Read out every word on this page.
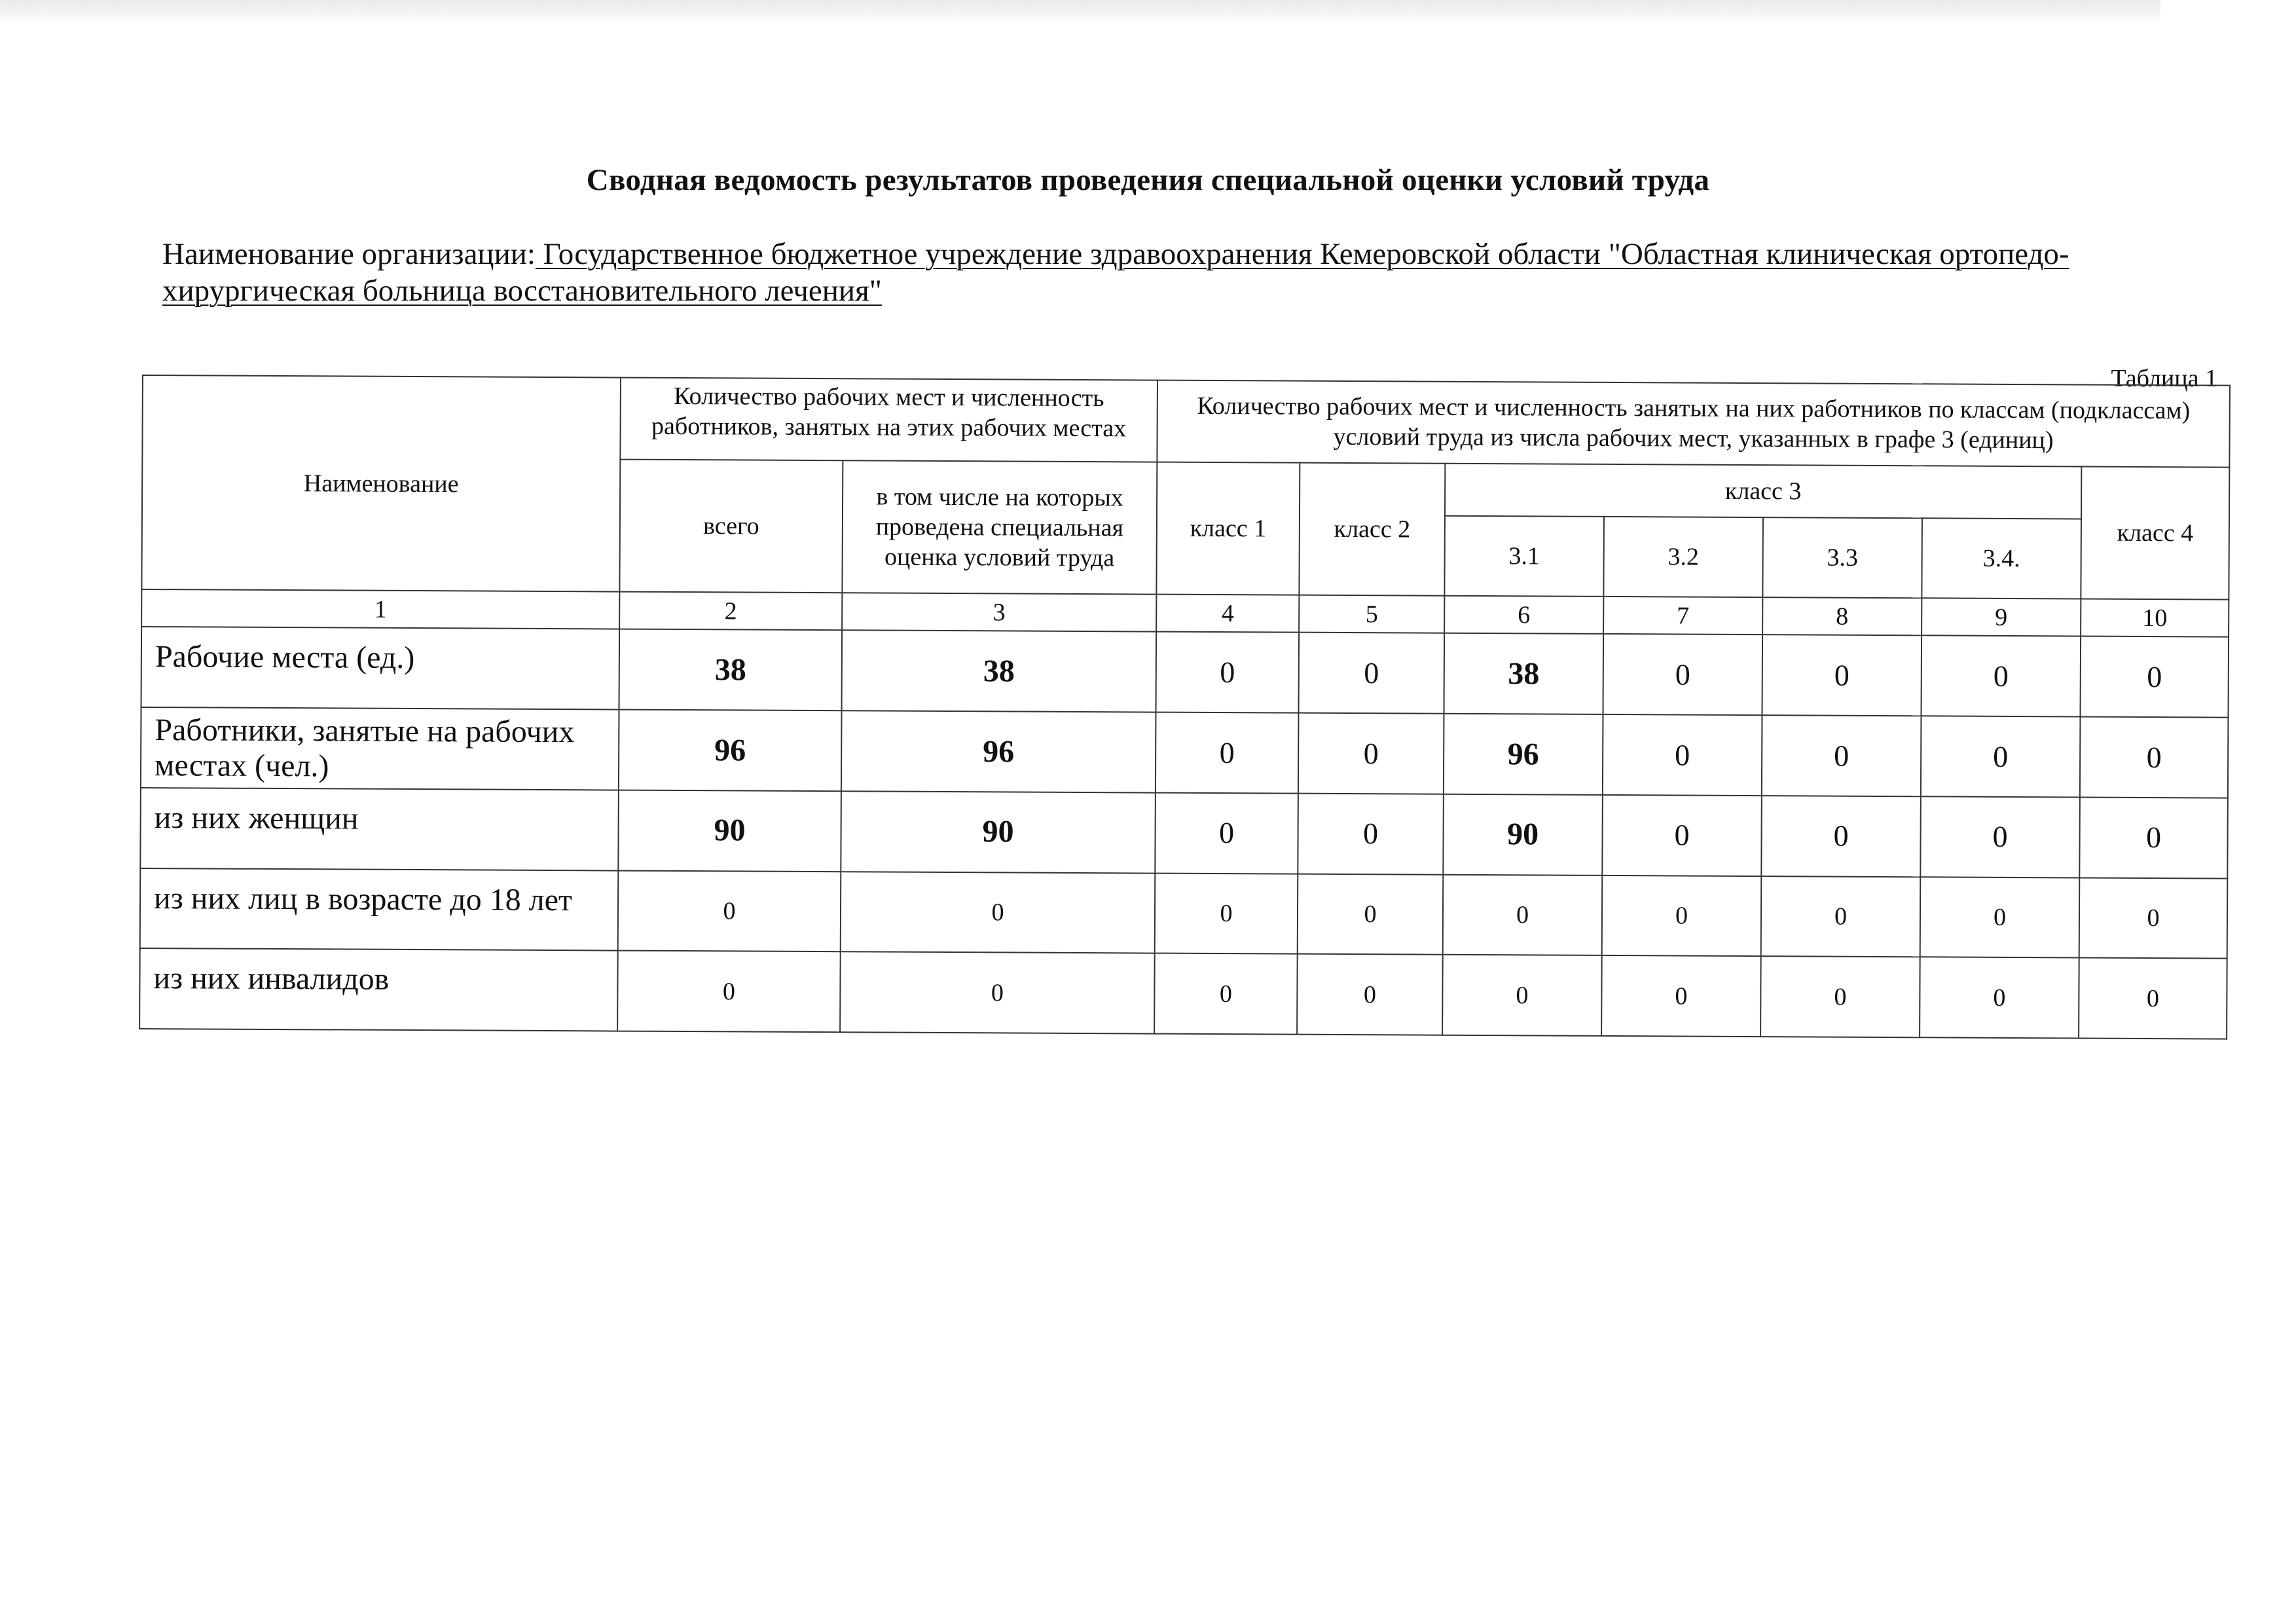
Сводная ведомость результатов проведения специальной оценки условий труда
Наименование организации: Государственное бюджетное учреждение здравоохранения Кемеровской области "Областная клиническая ортопедо-хирургическая больница восстановительного лечения"
Таблица 1
Наименование	Количество рабочих мест и численность работников, занятых на этих рабочих местах		Количество рабочих мест и численность занятых на них работников по классам (подклассам) условий труда из числа рабочих мест, указанных в графе 3 (единиц)						
	всего	в том числе на которых проведена специальная оценка условий труда	класс 1	класс 2	класс 3				класс 4
					3.1	3.2	3.3	3.4.	
1	2	3	4	5	6	7	8	9	10
Рабочие места (ед.)	38	38	0	0	38	0	0	0	0
Работники, занятые на рабочих местах (чел.)	96	96	0	0	96	0	0	0	0
из них женщин	90	90	0	0	90	0	0	0	0
из них лиц в возрасте до 18 лет	0	0	0	0	0	0	0	0	0
из них инвалидов	0	0	0	0	0	0	0	0	0
